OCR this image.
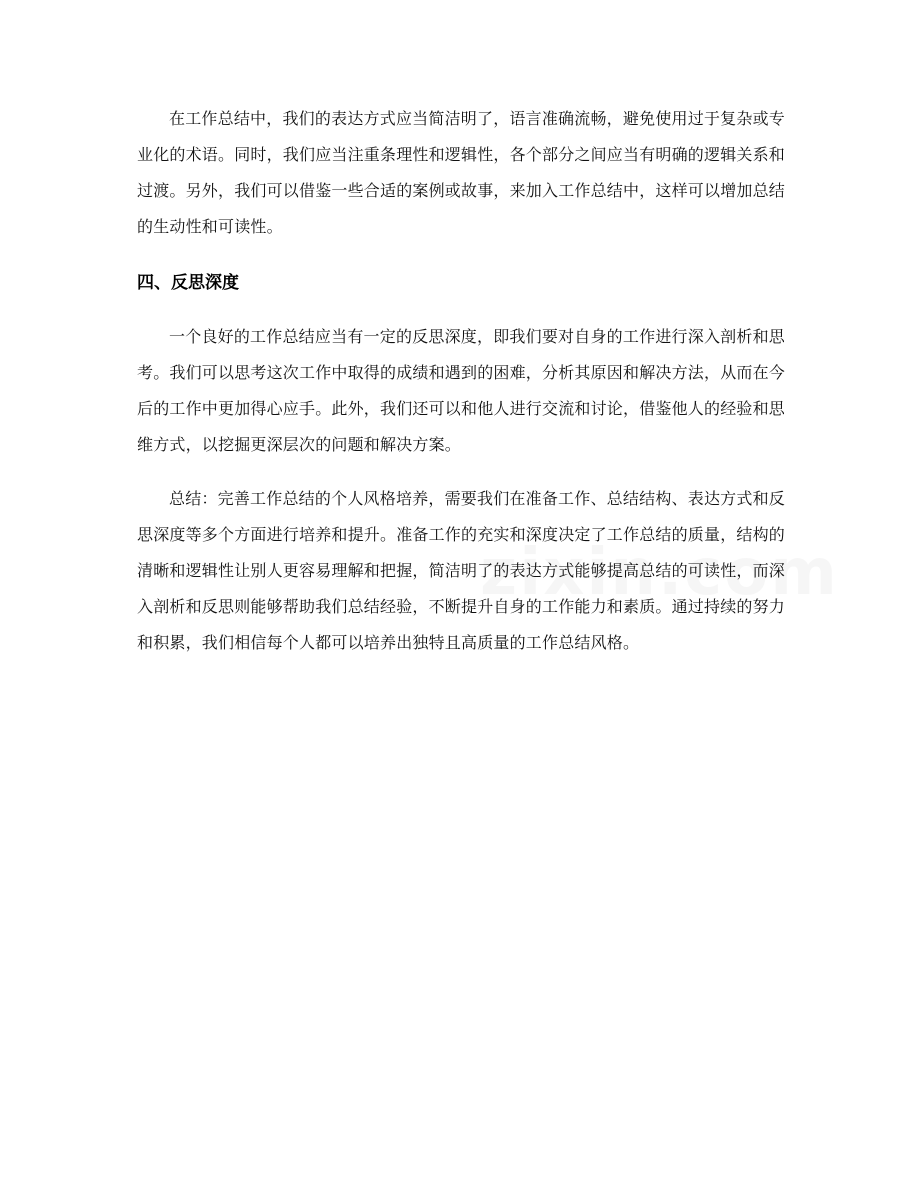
在工作总结中，我们的表达方式应当简洁明了，语言准确流畅，避免使用过于复杂或专业化的术语。同时，我们应当注重条理性和逻辑性，各个部分之间应当有明确的逻辑关系和过渡。另外，我们可以借鉴一些合适的案例或故事，来加入工作总结中，这样可以增加总结的生动性和可读性。

四、反思深度

一个良好的工作总结应当有一定的反思深度，即我们要对自身的工作进行深入剖析和思考。我们可以思考这次工作中取得的成绩和遇到的困难，分析其原因和解决方法，从而在今后的工作中更加得心应手。此外，我们还可以和他人进行交流和讨论，借鉴他人的经验和思维方式，以挖掘更深层次的问题和解决方案。

总结：完善工作总结的个人风格培养，需要我们在准备工作、总结结构、表达方式和反思深度等多个方面进行培养和提升。准备工作的充实和深度决定了工作总结的质量，结构的清晰和逻辑性让别人更容易理解和把握，简洁明了的表达方式能够提高总结的可读性，而深入剖析和反思则能够帮助我们总结经验，不断提升自身的工作能力和素质。通过持续的努力和积累，我们相信每个人都可以培养出独特且高质量的工作总结风格。
